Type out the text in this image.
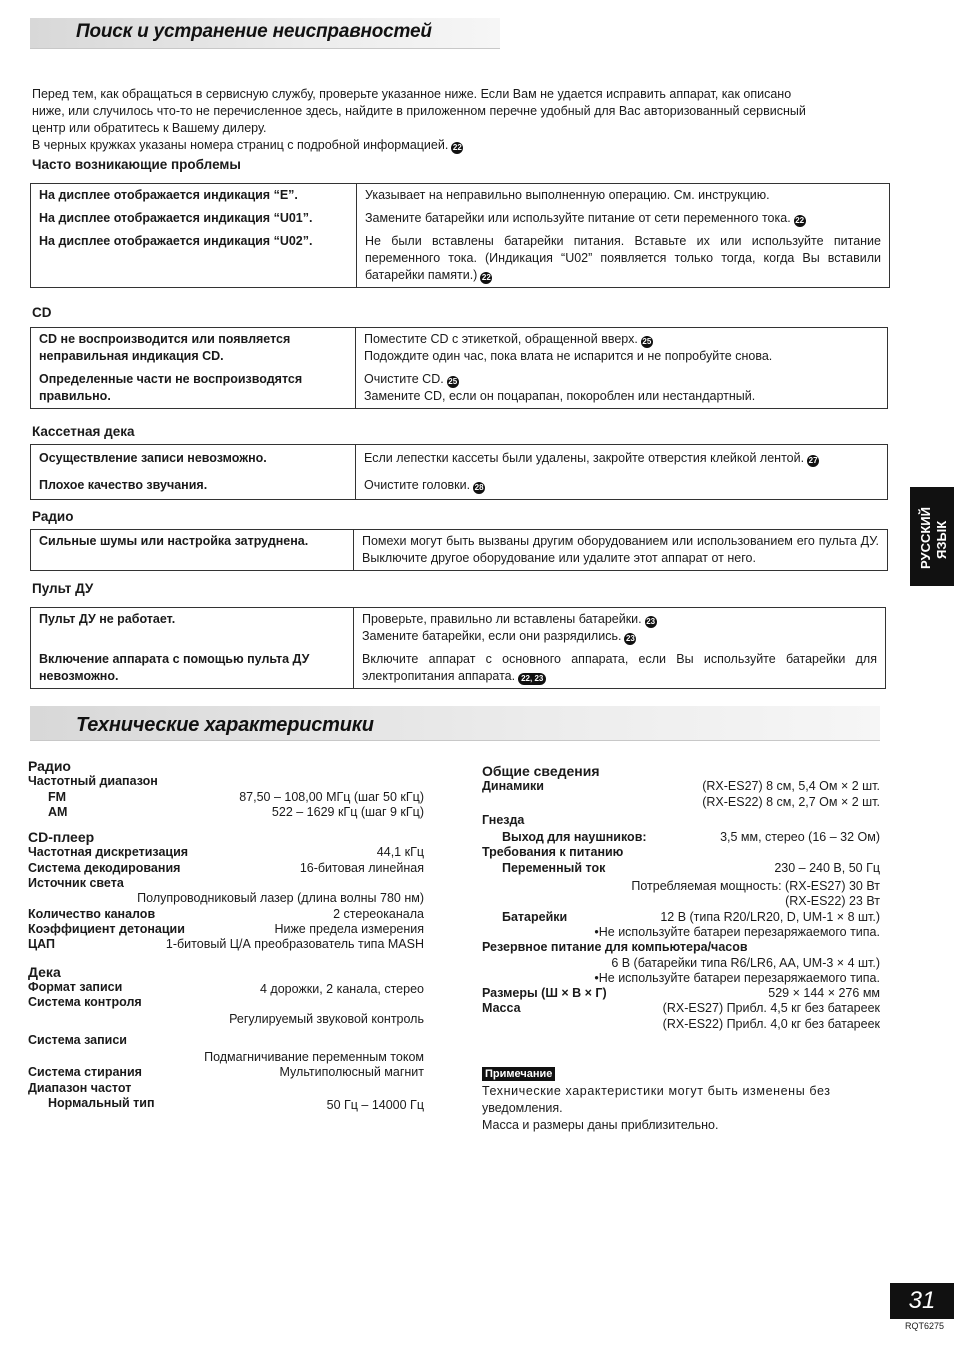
Поиск и устранение неисправностей
Перед тем, как обращаться в сервисную службу, проверьте указанное ниже. Если Вам не удается исправить аппарат, как описано
ниже, или случилось что-то не перечисленное здесь, найдите в приложенном перечне удобный для Вас авторизованный сервисный
центр или обратитесь к Вашему дилеру.
В черных кружках указаны номера страниц с подробной информацией. 22
Часто возникающие проблемы
На дисплее отображается индикация “E”.	Указывает на неправильно выполненную операцию. См. инструкцию.
На дисплее отображается индикация “U01”.	Замените батарейки или используйте питание от сети переменного тока. 22
На дисплее отображается индикация “U02”.	Не были вставлены батарейки питания. Вставьте их или используйте питание переменного тока. (Индикация “U02” появляется только тогда, когда Вы вставили батарейки памяти.) 22
CD
CD не воспроизводится или появляется неправильная индикация CD.	Поместите CD с этикеткой, обращенной вверх. 25
Подождите один час, пока влата не испарится и не попробуйте снова.

Определенные части не воспроизводятся правильно.	Очистите CD. 25
Замените CD, если он поцарапан, покороблен или нестандартный.
Кассетная дека
Осуществление записи невозможно.	Если лепестки кассеты были удалены, закройте отверстия клейкой лентой. 27
Плохое качество звучания.	Очистите головки. 28
Радио
Сильные шумы или настройка затруднена.	Помехи могут быть вызваны другим оборудованием или использованием его пульта ДУ. Выключите другое оборудование или удалите этот аппарат от него.
Пульт ДУ
Пульт ДУ не работает.	Проверьте, правильно ли вставлены батарейки. 23
Замените батарейки, если они разрядились. 23

Включение аппарата с помощью пульта ДУ невозможно.	Включите аппарат с основного аппарата, если Вы используйте батарейки для электропитания аппарата. 22, 23
Технические характеристики
Радио
Частотный диапазон
FM	87,50 – 108,00 МГц (шаг 50 кГц)
AM	522 – 1629 кГц (шаг 9 кГц)
CD-плеер
Частотная дискретизация	44,1 кГц
Система декодирования	16-битовая линейная
Источник света
Полупроводниковый лазер (длина волны 780 нм)
Количество каналов	2 стереоканала
Коэффициент детонации	Ниже предела измерения
ЦАП	1-битовый Ц/А преобразователь типа MASH
Дека
Формат записи	4 дорожки, 2 канала, стерео
Система контроля
Регулируемый звуковой контроль
Система записи
Подмагничивание переменным током
Система стирания	Мультиполюсный магнит
Диапазон частот
Нормальный тип	50 Гц – 14000 Гц
Общие сведения
Динамики	(RX-ES27) 8 см, 5,4 Ом × 2 шт.
(RX-ES22) 8 см, 2,7 Ом × 2 шт.
Гнезда
Выход для наушников:	3,5 мм, стерео (16 – 32 Ом)
Требования к питанию
Переменный ток	230 – 240 В, 50 Гц
Потребляемая мощность: (RX-ES27) 30 Вт
(RX-ES22) 23 Вт
Батарейки	12 В (типа R20/LR20, D, UM-1 × 8 шт.)
•Не используйте батареи перезаряжаемого типа.
Резервное питание для компьютера/часов
6 В (батарейки типа R6/LR6, AA, UM-3 × 4 шт.)
•Не используйте батареи перезаряжаемого типа.
Размеры (Ш × В × Г)	529 × 144 × 276 мм
Масса	(RX-ES27) Прибл. 4,5 кг без батареек
(RX-ES22) Прибл. 4,0 кг без батареек
Примечание
Технические характеристики могут быть изменены без
уведомления.
Масса и размеры даны приблизительно.
РУССКИЙ ЯЗЫК
31
RQT6275
